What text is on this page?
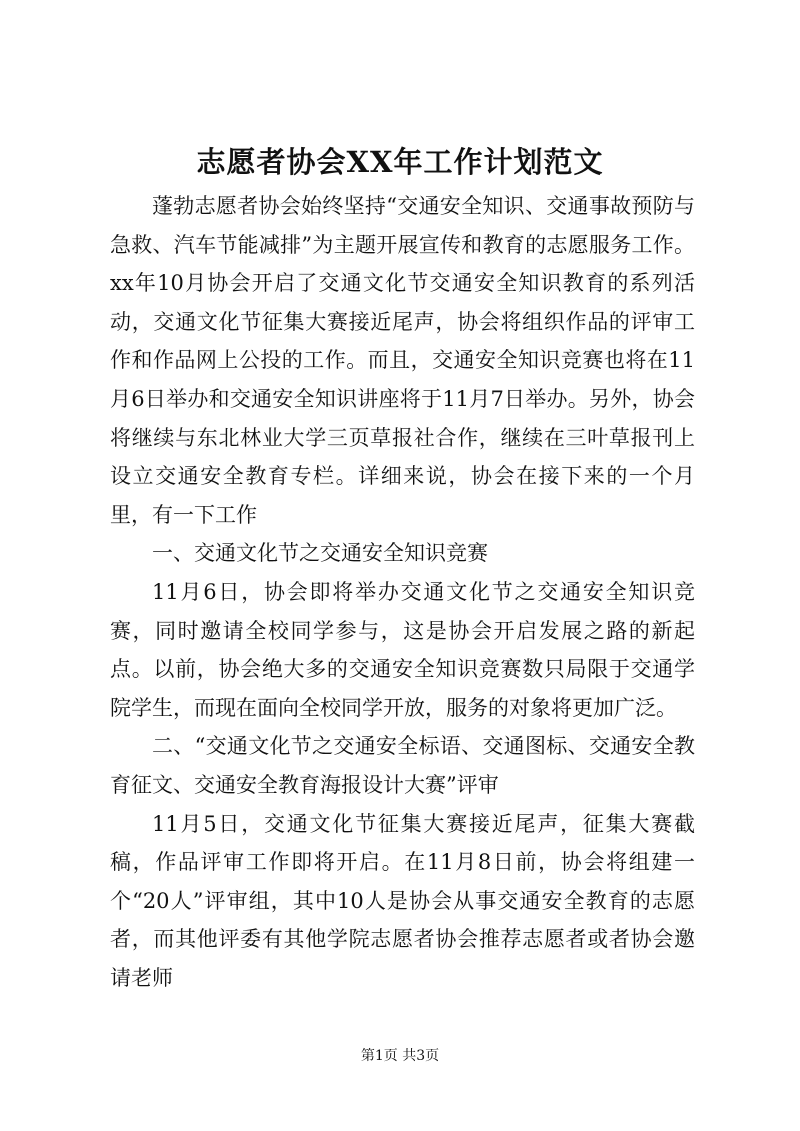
志愿者协会XX年工作计划范文

蓬勃志愿者协会始终坚持“交通安全知识、交通事故预防与急救、汽车节能减排”为主题开展宣传和教育的志愿服务工作。xx年10月协会开启了交通文化节交通安全知识教育的系列活动，交通文化节征集大赛接近尾声，协会将组织作品的评审工作和作品网上公投的工作。而且，交通安全知识竞赛也将在11月6日举办和交通安全知识讲座将于11月7日举办。另外，协会将继续与东北林业大学三页草报社合作，继续在三叶草报刊上设立交通安全教育专栏。详细来说，协会在接下来的一个月里，有一下工作

一、交通文化节之交通安全知识竞赛

11月6日，协会即将举办交通文化节之交通安全知识竞赛，同时邀请全校同学参与，这是协会开启发展之路的新起点。以前，协会绝大多的交通安全知识竞赛数只局限于交通学院学生，而现在面向全校同学开放，服务的对象将更加广泛。

二、“交通文化节之交通安全标语、交通图标、交通安全教育征文、交通安全教育海报设计大赛”评审

11月5日，交通文化节征集大赛接近尾声，征集大赛截稿，作品评审工作即将开启。在11月8日前，协会将组建一个“20人”评审组，其中10人是协会从事交通安全教育的志愿者，而其他评委有其他学院志愿者协会推荐志愿者或者协会邀请老师

第1页 共3页
